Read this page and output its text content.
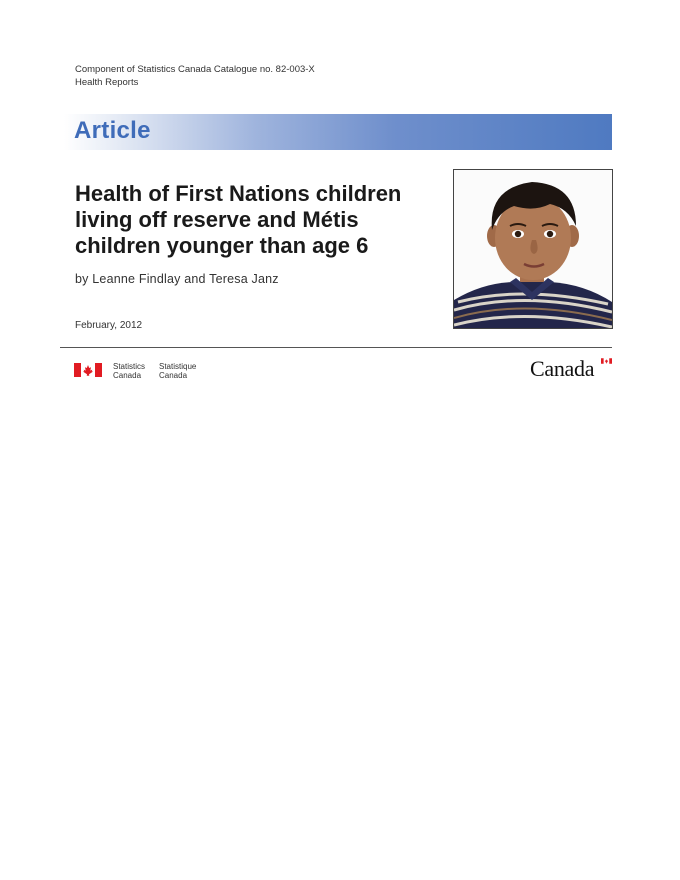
Component of Statistics Canada Catalogue no. 82-003-X
Health Reports
Article
Health of First Nations children living off reserve and Métis children younger than age 6
by Leanne Findlay and Teresa Janz
February, 2012
Statistics
Canada
Statistique
Canada	Canada
